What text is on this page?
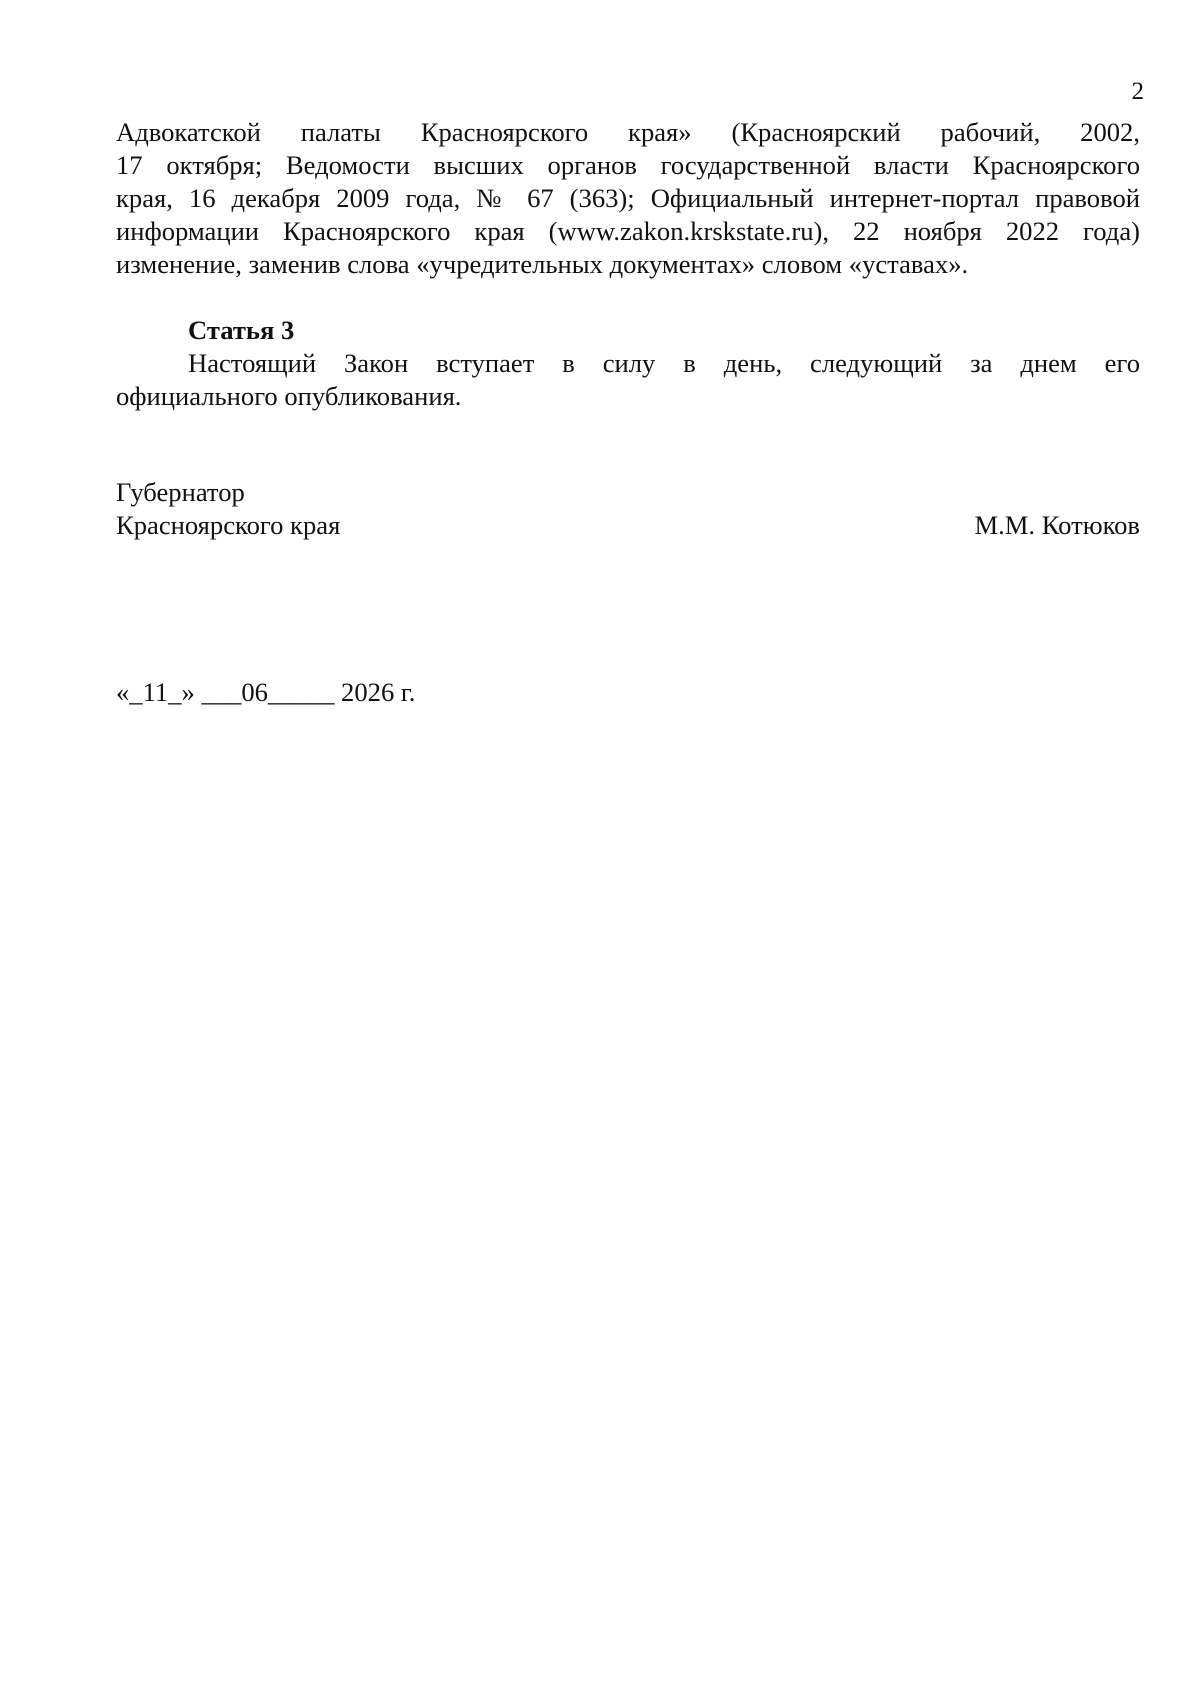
2
Адвокатской палаты Красноярского края» (Красноярский рабочий, 2002,
17 октября; Ведомости высших органов государственной власти Красноярского
края, 16 декабря 2009 года, № 67 (363); Официальный интернет-портал правовой
информации Красноярского края (www.zakon.krskstate.ru), 22 ноября 2022 года)
изменение, заменив слова «учредительных документах» словом «уставах».
Статья 3
Настоящий Закон вступает в силу в день, следующий за днем его
официального опубликования.
Губернатор
Красноярского края	М.М. Котюков
«_11_» ___06_____ 2026 г.
